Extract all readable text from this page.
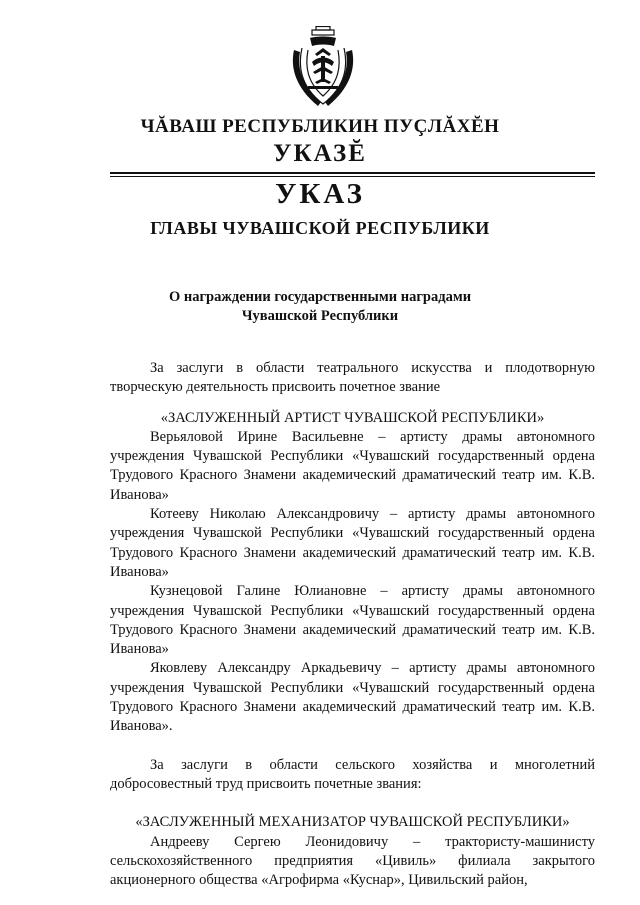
ЧĂВАШ РЕСПУБЛИКИН ПУÇЛĂХĔН
УКАЗĔ
УКАЗ
ГЛАВЫ ЧУВАШСКОЙ РЕСПУБЛИКИ
О награждении государственными наградами
Чувашской Республики

За заслуги в области театрального искусства и плодотворную творческую деятельность присвоить почетное звание

«ЗАСЛУЖЕННЫЙ АРТИСТ ЧУВАШСКОЙ РЕСПУБЛИКИ»

Верьяловой Ирине Васильевне – артисту драмы автономного учреждения Чувашской Республики «Чувашский государственный ордена Трудового Красного Знамени академический драматический театр им. К.В. Иванова»

Котееву Николаю Александровичу – артисту драмы автономного учреждения Чувашской Республики «Чувашский государственный ордена Трудового Красного Знамени академический драматический театр им. К.В. Иванова»

Кузнецовой Галине Юлиановне – артисту драмы автономного учреждения Чувашской Республики «Чувашский государственный ордена Трудового Красного Знамени академический драматический театр им. К.В. Иванова»

Яковлеву Александру Аркадьевичу – артисту драмы автономного учреждения Чувашской Республики «Чувашский государственный ордена Трудового Красного Знамени академический драматический театр им. К.В. Иванова».

За заслуги в области сельского хозяйства и многолетний добросовестный труд присвоить почетные звания:

«ЗАСЛУЖЕННЫЙ МЕХАНИЗАТОР ЧУВАШСКОЙ РЕСПУБЛИКИ»

Андрееву Сергею Леонидовичу – трактористу-машинисту сельскохозяйственного предприятия «Цивиль» филиала закрытого акционерного общества «Агрофирма «Куснар», Цивильский район,
